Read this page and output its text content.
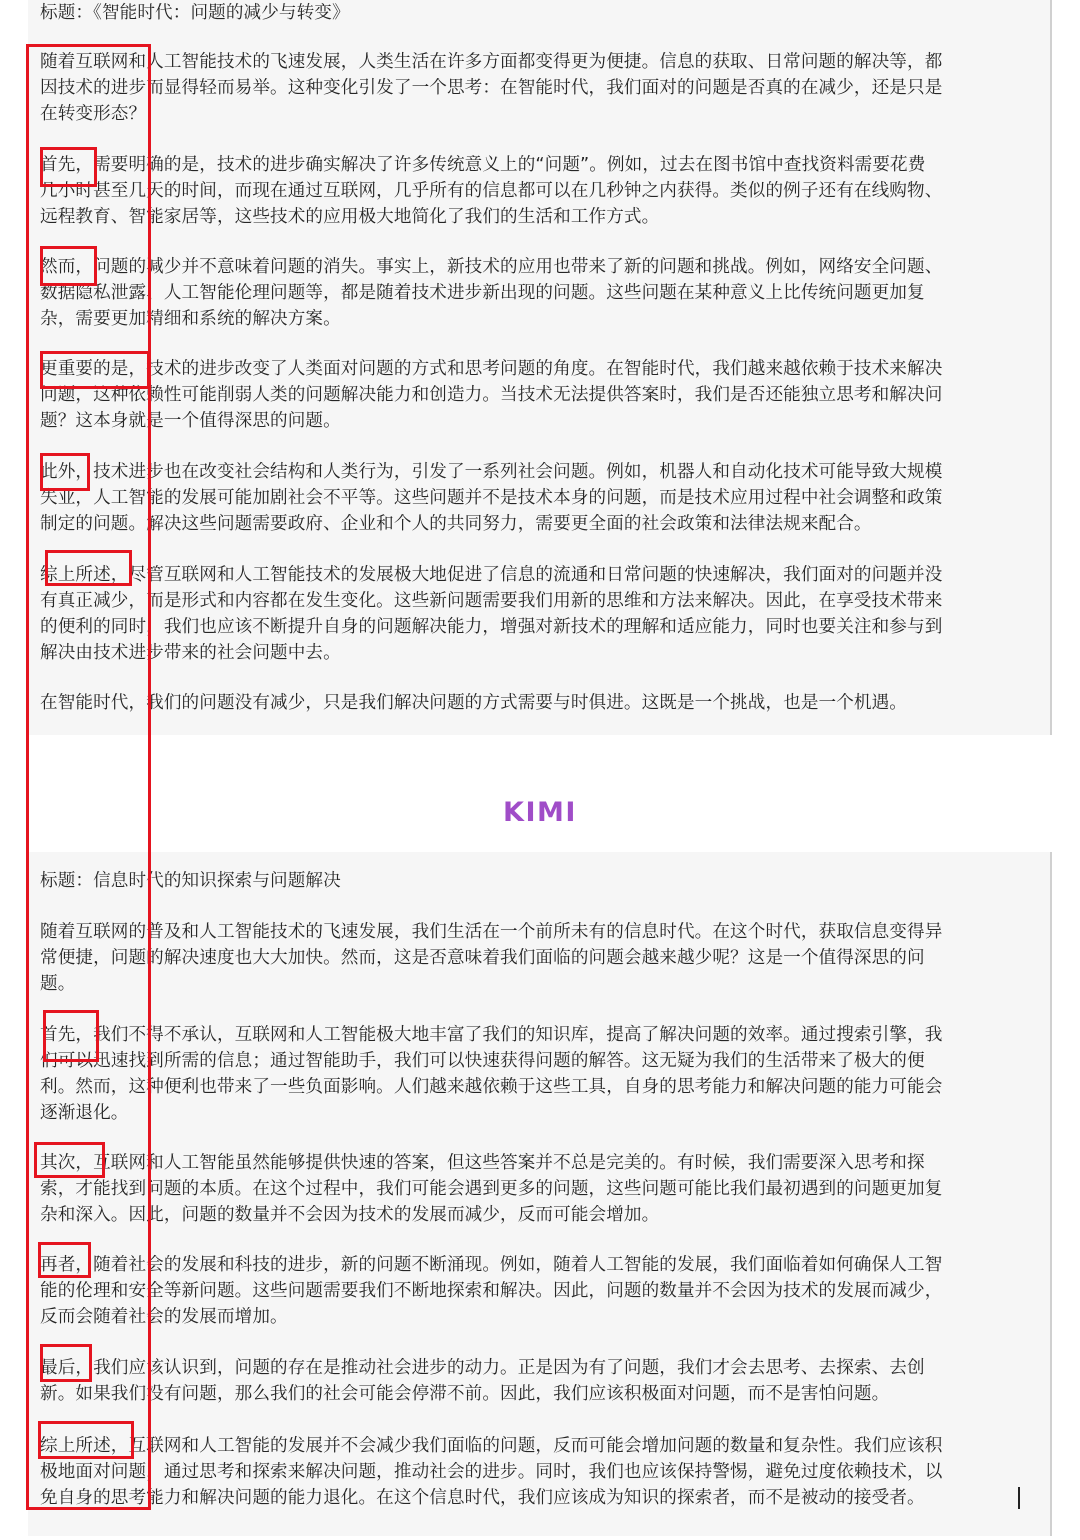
标题：《智能时代：问题的减少与转变》

随着互联网和人工智能技术的飞速发展，人类生活在许多方面都变得更为便捷。信息的获取、日常问题的解决等，都
因技术的进步而显得轻而易举。这种变化引发了一个思考：在智能时代，我们面对的问题是否真的在减少，还是只是
在转变形态？

首先，需要明确的是，技术的进步确实解决了许多传统意义上的“问题”。例如，过去在图书馆中查找资料需要花费
几小时甚至几天的时间，而现在通过互联网，几乎所有的信息都可以在几秒钟之内获得。类似的例子还有在线购物、
远程教育、智能家居等，这些技术的应用极大地简化了我们的生活和工作方式。

然而，问题的减少并不意味着问题的消失。事实上，新技术的应用也带来了新的问题和挑战。例如，网络安全问题、
数据隐私泄露、人工智能伦理问题等，都是随着技术进步新出现的问题。这些问题在某种意义上比传统问题更加复
杂，需要更加精细和系统的解决方案。

更重要的是，技术的进步改变了人类面对问题的方式和思考问题的角度。在智能时代，我们越来越依赖于技术来解决
问题，这种依赖性可能削弱人类的问题解决能力和创造力。当技术无法提供答案时，我们是否还能独立思考和解决问
题？这本身就是一个值得深思的问题。

此外，技术进步也在改变社会结构和人类行为，引发了一系列社会问题。例如，机器人和自动化技术可能导致大规模
失业，人工智能的发展可能加剧社会不平等。这些问题并不是技术本身的问题，而是技术应用过程中社会调整和政策
制定的问题。解决这些问题需要政府、企业和个人的共同努力，需要更全面的社会政策和法律法规来配合。

综上所述，尽管互联网和人工智能技术的发展极大地促进了信息的流通和日常问题的快速解决，我们面对的问题并没
有真正减少，而是形式和内容都在发生变化。这些新问题需要我们用新的思维和方法来解决。因此，在享受技术带来
的便利的同时，我们也应该不断提升自身的问题解决能力，增强对新技术的理解和适应能力，同时也要关注和参与到
解决由技术进步带来的社会问题中去。

在智能时代，我们的问题没有减少，只是我们解决问题的方式需要与时俱进。这既是一个挑战，也是一个机遇。

KIMI

标题：信息时代的知识探索与问题解决

随着互联网的普及和人工智能技术的飞速发展，我们生活在一个前所未有的信息时代。在这个时代，获取信息变得异
常便捷，问题的解决速度也大大加快。然而，这是否意味着我们面临的问题会越来越少呢？这是一个值得深思的问
题。

首先，我们不得不承认，互联网和人工智能极大地丰富了我们的知识库，提高了解决问题的效率。通过搜索引擎，我
们可以迅速找到所需的信息；通过智能助手，我们可以快速获得问题的解答。这无疑为我们的生活带来了极大的便
利。然而，这种便利也带来了一些负面影响。人们越来越依赖于这些工具，自身的思考能力和解决问题的能力可能会
逐渐退化。

其次，互联网和人工智能虽然能够提供快速的答案，但这些答案并不总是完美的。有时候，我们需要深入思考和探
索，才能找到问题的本质。在这个过程中，我们可能会遇到更多的问题，这些问题可能比我们最初遇到的问题更加复
杂和深入。因此，问题的数量并不会因为技术的发展而减少，反而可能会增加。

再者，随着社会的发展和科技的进步，新的问题不断涌现。例如，随着人工智能的发展，我们面临着如何确保人工智
能的伦理和安全等新问题。这些问题需要我们不断地探索和解决。因此，问题的数量并不会因为技术的发展而减少，
反而会随着社会的发展而增加。

最后，我们应该认识到，问题的存在是推动社会进步的动力。正是因为有了问题，我们才会去思考、去探索、去创
新。如果我们没有问题，那么我们的社会可能会停滞不前。因此，我们应该积极面对问题，而不是害怕问题。

综上所述，互联网和人工智能的发展并不会减少我们面临的问题，反而可能会增加问题的数量和复杂性。我们应该积
极地面对问题，通过思考和探索来解决问题，推动社会的进步。同时，我们也应该保持警惕，避免过度依赖技术，以
免自身的思考能力和解决问题的能力退化。在这个信息时代，我们应该成为知识的探索者，而不是被动的接受者。
